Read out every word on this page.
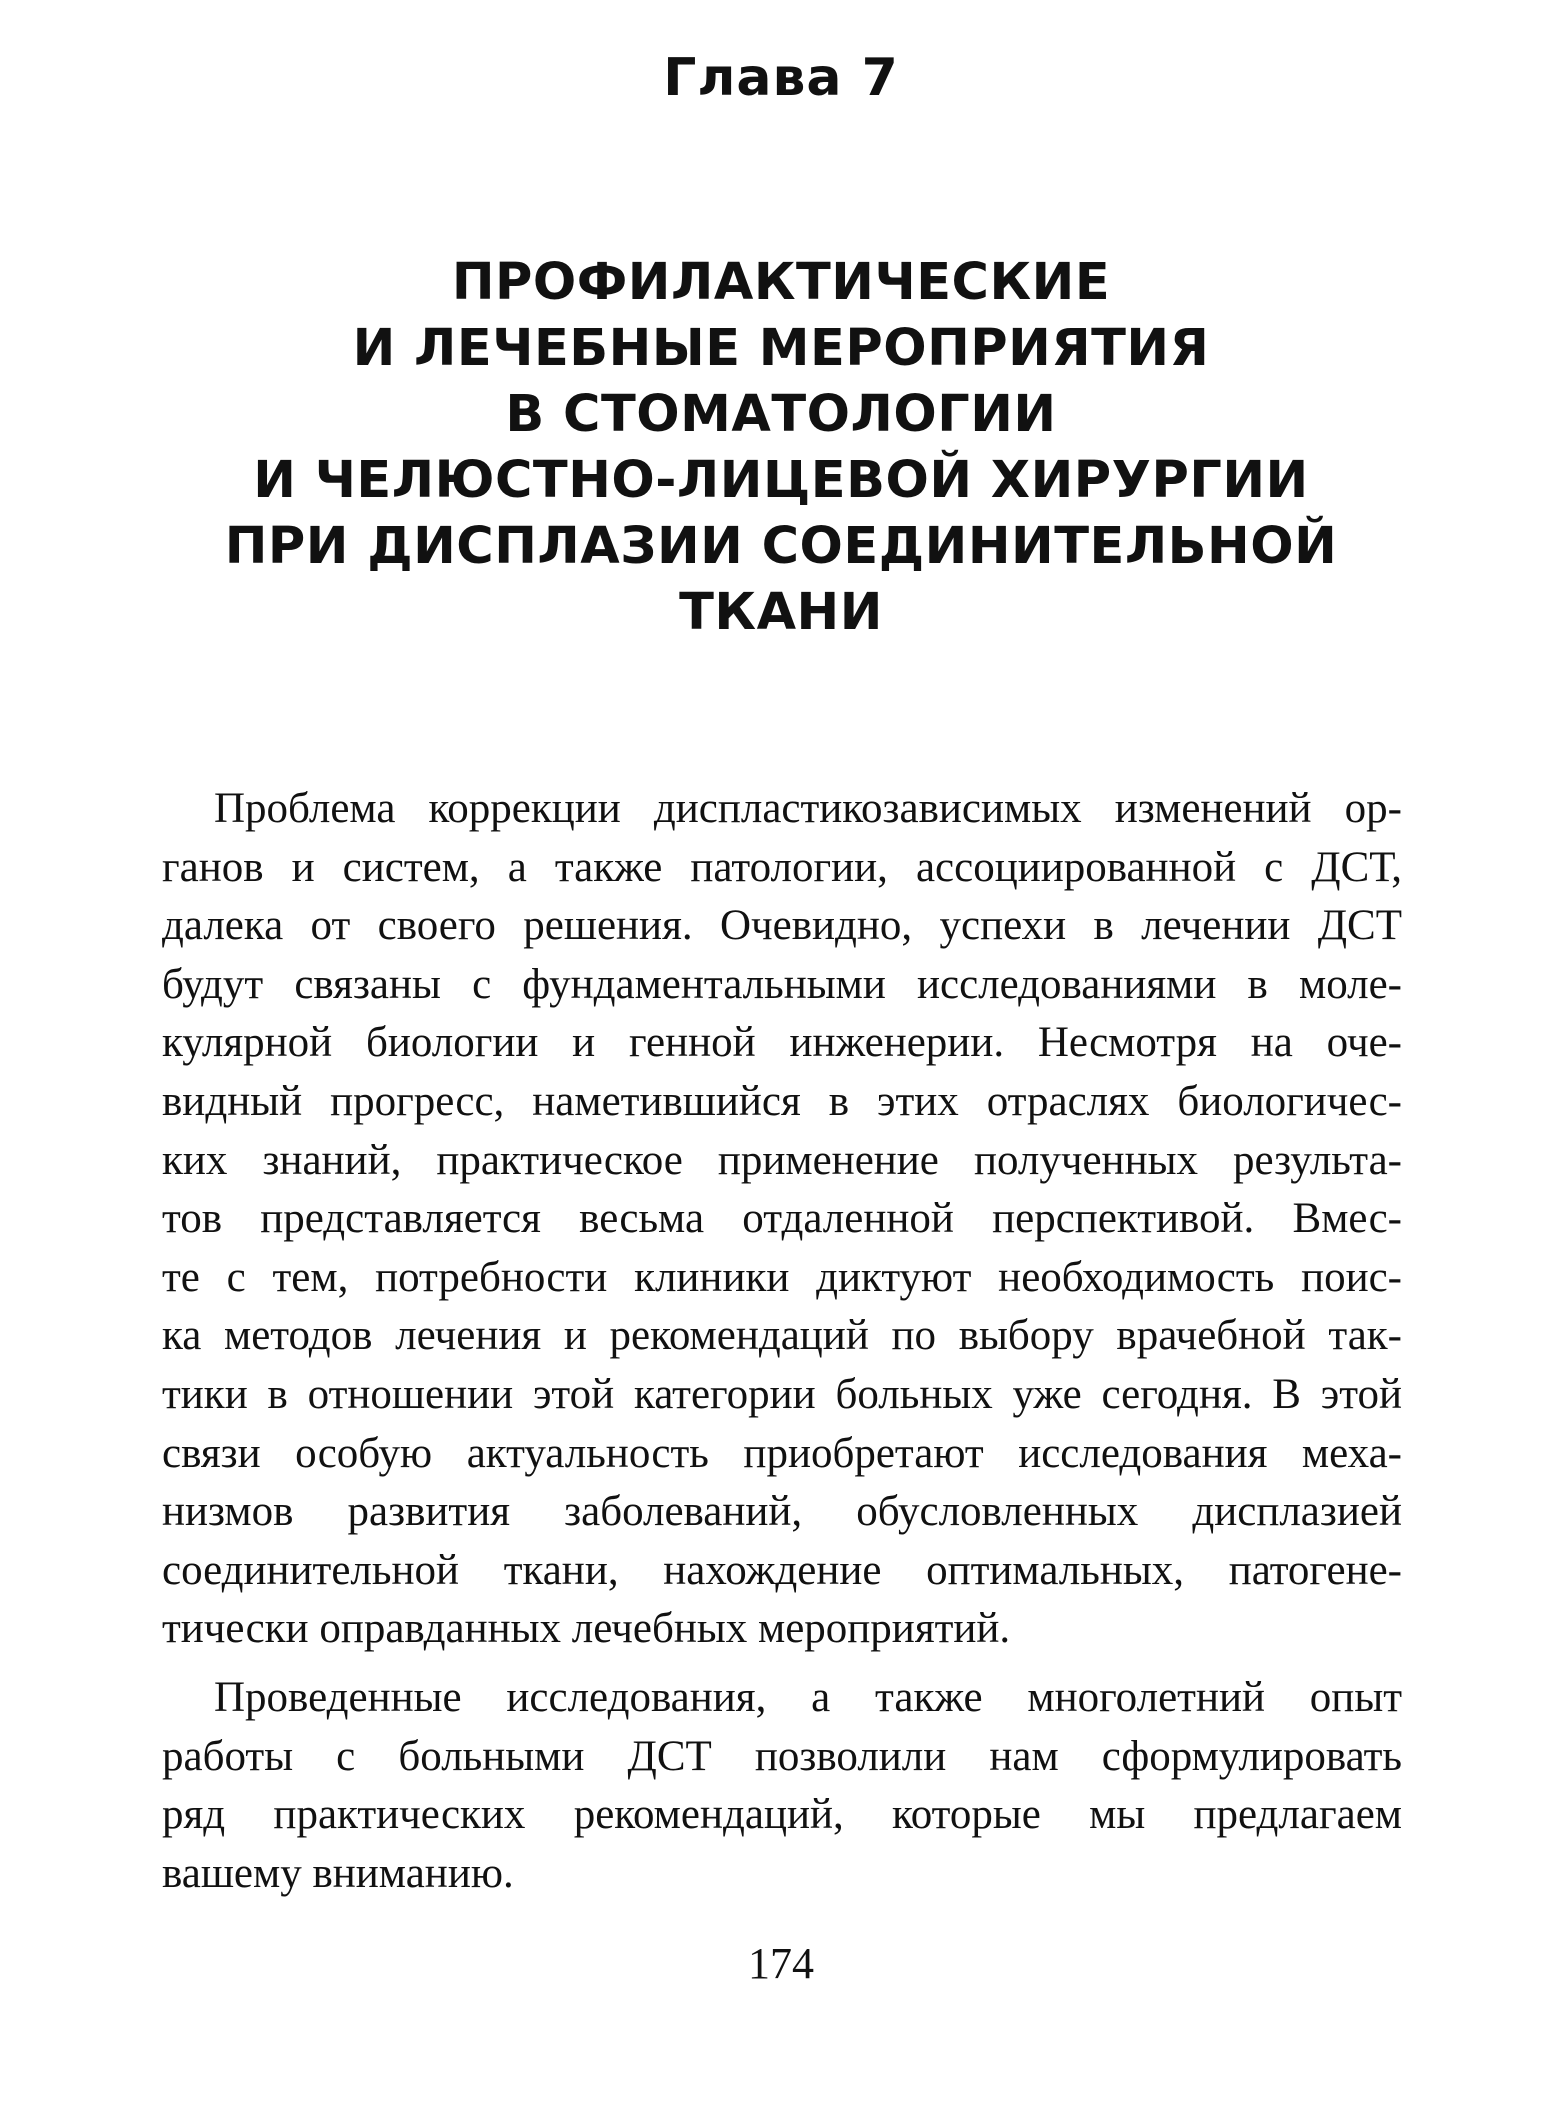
Глава 7
ПРОФИЛАКТИЧЕСКИЕ
И ЛЕЧЕБНЫЕ МЕРОПРИЯТИЯ
В СТОМАТОЛОГИИ
И ЧЕЛЮСТНО-ЛИЦЕВОЙ ХИРУРГИИ
ПРИ ДИСПЛАЗИИ СОЕДИНИТЕЛЬНОЙ
ТКАНИ
Проблема коррекции диспластикозависимых изменений ор-
ганов и систем, а также патологии, ассоциированной с ДСТ,
далека от своего решения. Очевидно, успехи в лечении ДСТ
будут связаны с фундаментальными исследованиями в моле-
кулярной биологии и генной инженерии. Несмотря на оче-
видный прогресс, наметившийся в этих отраслях биологичес-
ких знаний, практическое применение полученных результа-
тов представляется весьма отдаленной перспективой. Вмес-
те с тем, потребности клиники диктуют необходимость поис-
ка методов лечения и рекомендаций по выбору врачебной так-
тики в отношении этой категории больных уже сегодня. В этой
связи особую актуальность приобретают исследования меха-
низмов развития заболеваний, обусловленных дисплазией
соединительной ткани, нахождение оптимальных, патогене-
тически оправданных лечебных мероприятий.
Проведенные исследования, а также многолетний опыт
работы с больными ДСТ позволили нам сформулировать
ряд практических рекомендаций, которые мы предлагаем
вашему вниманию.
174
